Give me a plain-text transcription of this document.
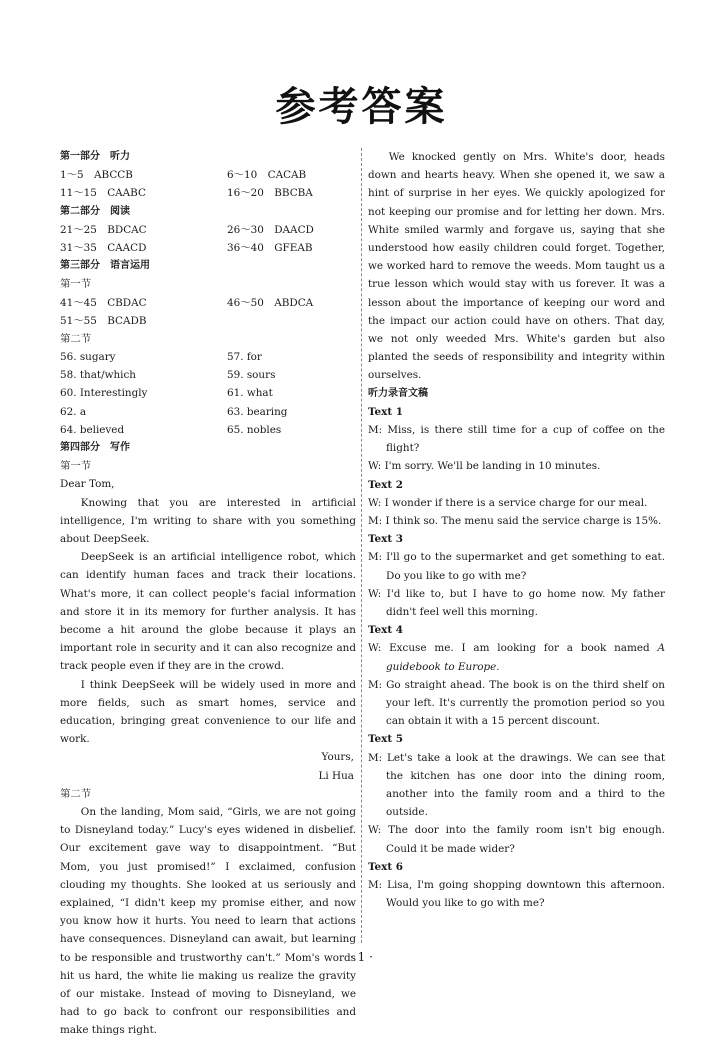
参考答案
第一部分　听力
1～5　ABCCB	6～10　CACAB
11～15　CAABC	16～20　BBCBA
第二部分　阅读
21～25　BDCAC	26～30　DAACD
31～35　CAACD	36～40　GFEAB
第三部分　语言运用
第一节
41～45　CBDAC	46～50　ABDCA
51～55　BCADB
第二节
56. sugary	57. for
58. that/which	59. sours
60. Interestingly	61. what
62. a	63. bearing
64. believed	65. nobles
第四部分　写作
第一节
Dear Tom,

Knowing that you are interested in artificial intelligence, I'm writing to share with you something about DeepSeek.

DeepSeek is an artificial intelligence robot, which can identify human faces and track their locations. What's more, it can collect people's facial information and store it in its memory for further analysis. It has become a hit around the globe because it plays an important role in security and it can also recognize and track people even if they are in the crowd.

I think DeepSeek will be widely used in more and more fields, such as smart homes, service and education, bringing great convenience to our life and work.

Yours,
Li Hua
第二节

On the landing, Mom said, “Girls, we are not going to Disneyland today.” Lucy's eyes widened in disbelief. Our excitement gave way to disappointment. “But Mom, you just promised!” I exclaimed, confusion clouding my thoughts. She looked at us seriously and explained, “I didn't keep my promise either, and now you know how it hurts. You need to learn that actions have consequences. Disneyland can await, but learning to be responsible and trustworthy can't.” Mom's words hit us hard, the white lie making us realize the gravity of our mistake. Instead of moving to Disneyland, we had to go back to confront our responsibilities and make things right.

We knocked gently on Mrs. White's door, heads down and hearts heavy. When she opened it, we saw a hint of surprise in her eyes. We quickly apologized for not keeping our promise and for letting her down. Mrs. White smiled warmly and forgave us, saying that she understood how easily children could forget. Together, we worked hard to remove the weeds. Mom taught us a true lesson which would stay with us forever. It was a lesson about the importance of keeping our word and the impact our action could have on others. That day, we not only weeded Mrs. White's garden but also planted the seeds of responsibility and integrity within ourselves.

听力录音文稿
Text 1

M: Miss, is there still time for a cup of coffee on the flight?

W: I'm sorry. We'll be landing in 10 minutes.

Text 2

W: I wonder if there is a service charge for our meal.

M: I think so. The menu said the service charge is 15%.

Text 3

M: I'll go to the supermarket and get something to eat. Do you like to go with me?

W: I'd like to, but I have to go home now. My father didn't feel well this morning.

Text 4

W: Excuse me. I am looking for a book named A guidebook to Europe.

M: Go straight ahead. The book is on the third shelf on your left. It's currently the promotion period so you can obtain it with a 15 percent discount.

Text 5

M: Let's take a look at the drawings. We can see that the kitchen has one door into the dining room, another into the family room and a third to the outside.

W: The door into the family room isn't big enough. Could it be made wider?

Text 6

M: Lisa, I'm going shopping downtown this afternoon. Would you like to go with me?

· 1 ·
